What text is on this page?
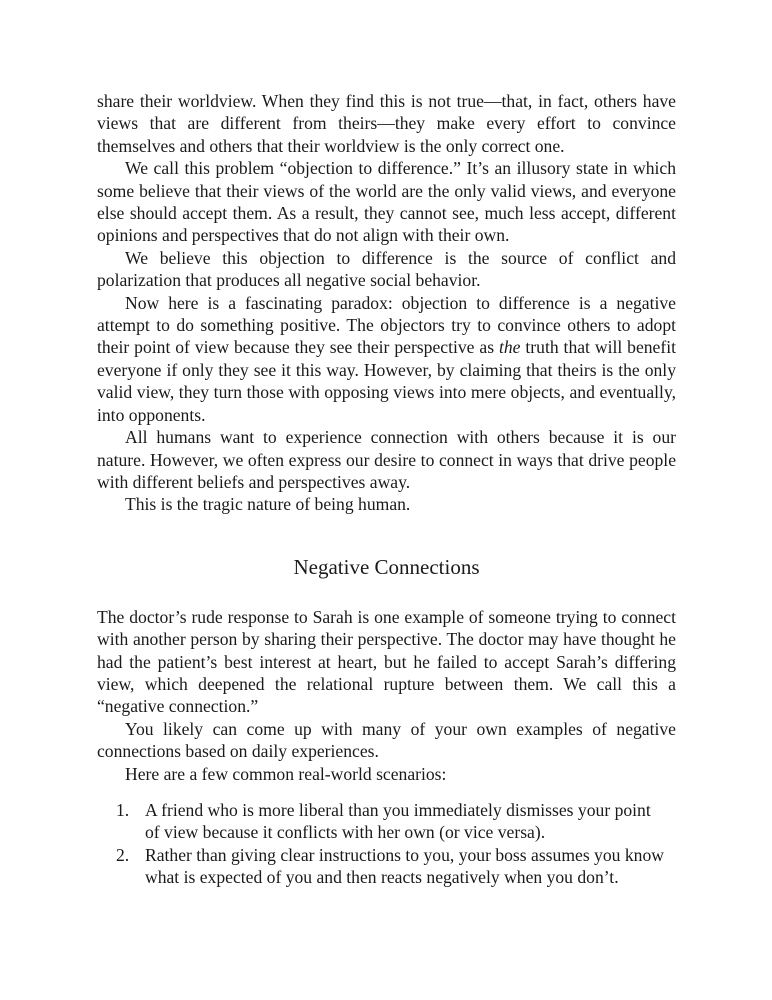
share their worldview. When they find this is not true—that, in fact, others have views that are different from theirs—they make every effort to convince themselves and others that their worldview is the only correct one.

We call this problem “objection to difference.” It’s an illusory state in which some believe that their views of the world are the only valid views, and everyone else should accept them. As a result, they cannot see, much less accept, different opinions and perspectives that do not align with their own.

We believe this objection to difference is the source of conflict and polarization that produces all negative social behavior.

Now here is a fascinating paradox: objection to difference is a negative attempt to do something positive. The objectors try to convince others to adopt their point of view because they see their perspective as the truth that will benefit everyone if only they see it this way. However, by claiming that theirs is the only valid view, they turn those with opposing views into mere objects, and eventually, into opponents.

All humans want to experience connection with others because it is our nature. However, we often express our desire to connect in ways that drive people with different beliefs and perspectives away.

This is the tragic nature of being human.

Negative Connections

The doctor’s rude response to Sarah is one example of someone trying to connect with another person by sharing their perspective. The doctor may have thought he had the patient’s best interest at heart, but he failed to accept Sarah’s differing view, which deepened the relational rupture between them. We call this a “negative connection.”

You likely can come up with many of your own examples of negative connections based on daily experiences.

Here are a few common real-world scenarios:

1. A friend who is more liberal than you immediately dismisses your point of view because it conflicts with her own (or vice versa).
2. Rather than giving clear instructions to you, your boss assumes you know what is expected of you and then reacts negatively when you don’t.
